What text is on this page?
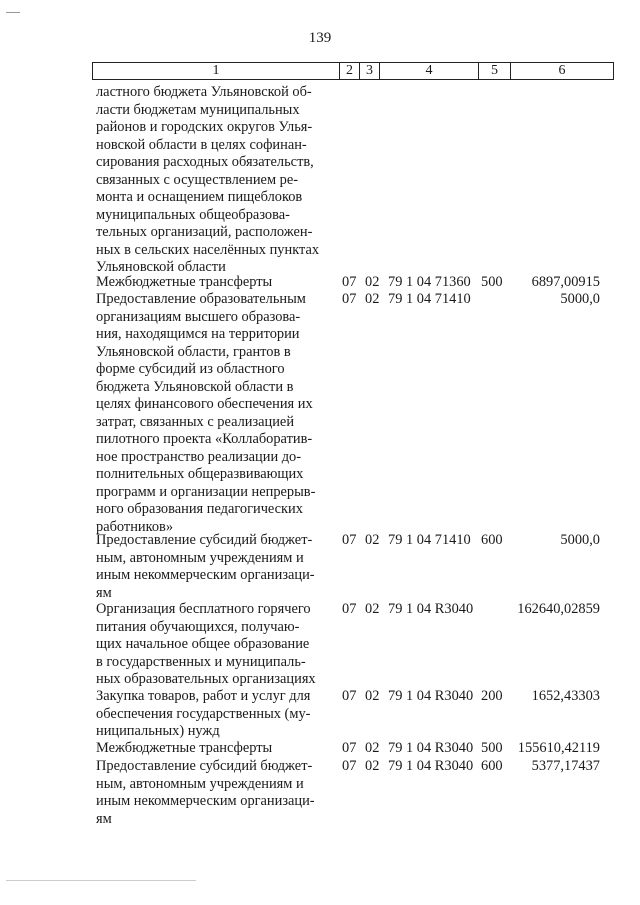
139
1	2 3	4	5	6
ластного бюджета Ульяновской об-
ласти бюджетам муниципальных
районов и городских округов Улья-
новской области в целях софинан-
сирования расходных обязательств,
связанных с осуществлением ре-
монта и оснащением пищеблоков
муниципальных общеобразова-
тельных организаций, расположен-
ных в сельских населённых пунктах
Ульяновской области
Межбюджетные трансферты	07 02 79 1 04 71360 500 6897,00915
Предоставление образовательным
организациям высшего образова-
ния, находящимся на территории
Ульяновской области, грантов в
форме субсидий из областного
бюджета Ульяновской области в
целях финансового обеспечения их
затрат, связанных с реализацией
пилотного проекта «Коллаборатив-
ное пространство реализации до-
полнительных общеразвивающих
программ и организации непрерыв-
ного образования педагогических
работников»
07 02 79 1 04 71410	5000,0
Предоставление субсидий бюджет-
ным, автономным учреждениям и
иным некоммерческим организаци-
ям
07 02 79 1 04 71410 600	5000,0
Организация бесплатного горячего
питания обучающихся, получаю-
щих начальное общее образование
в государственных и муниципаль-
ных образовательных организациях
07 02 79 1 04 R3040	162640,02859
Закупка товаров, работ и услуг для
обеспечения государственных (му-
ниципальных) нужд
07 02 79 1 04 R3040 200 1652,43303
Межбюджетные трансферты	07 02 79 1 04 R3040 500 155610,42119
Предоставление субсидий бюджет-
ным, автономным учреждениям и
иным некоммерческим организаци-
ям
07 02 79 1 04 R3040 600 5377,17437
